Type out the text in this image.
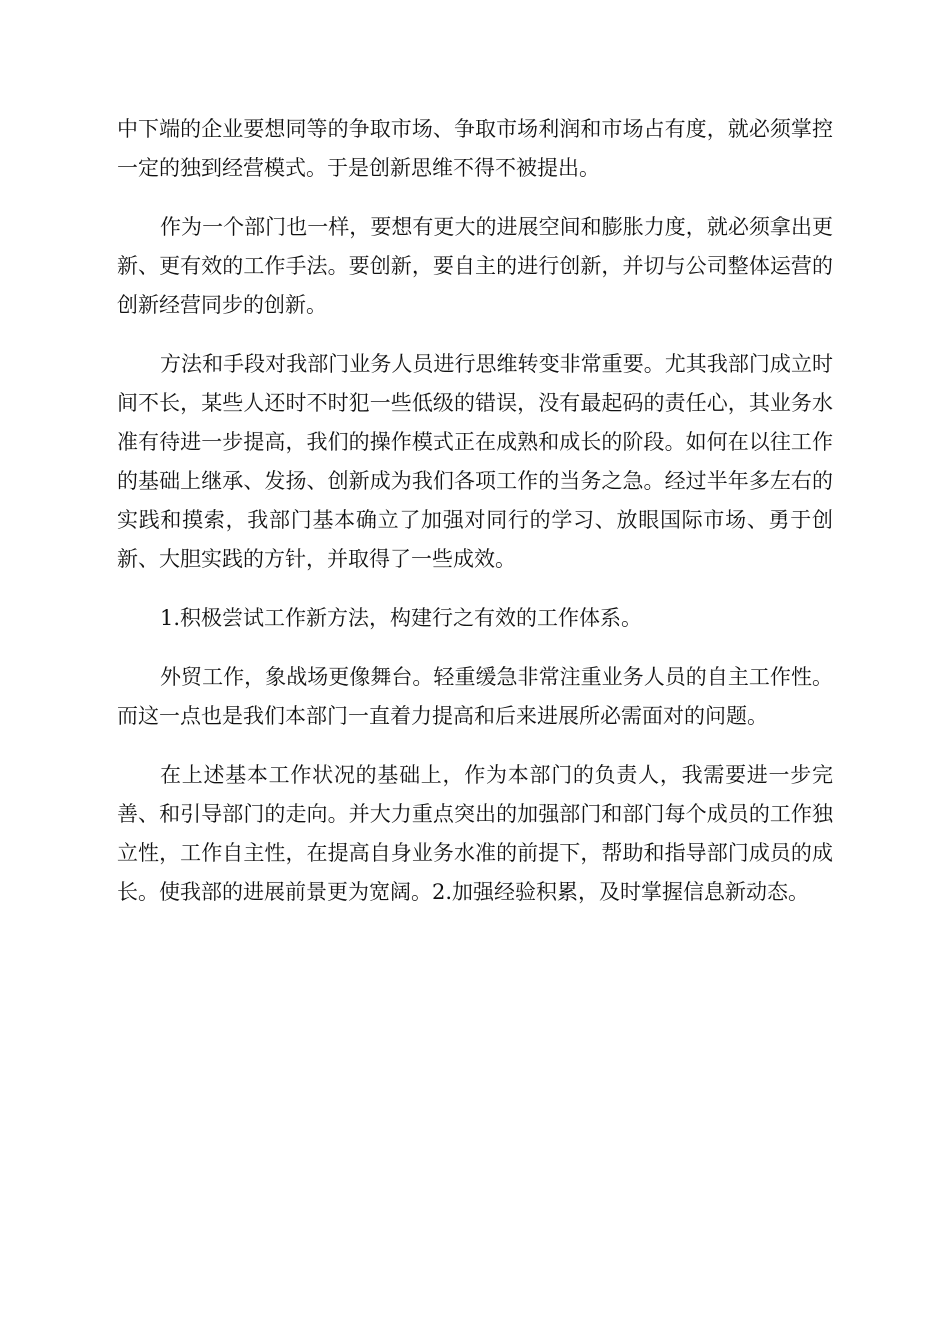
中下端的企业要想同等的争取市场、争取市场利润和市场占有度，就必须掌控一定的独到经营模式。于是创新思维不得不被提出。

作为一个部门也一样，要想有更大的进展空间和膨胀力度，就必须拿出更新、更有效的工作手法。要创新，要自主的进行创新，并切与公司整体运营的创新经营同步的创新。

方法和手段对我部门业务人员进行思维转变非常重要。尤其我部门成立时间不长，某些人还时不时犯一些低级的错误，没有最起码的责任心，其业务水准有待进一步提高，我们的操作模式正在成熟和成长的阶段。如何在以往工作的基础上继承、发扬、创新成为我们各项工作的当务之急。经过半年多左右的实践和摸索，我部门基本确立了加强对同行的学习、放眼国际市场、勇于创新、大胆实践的方针，并取得了一些成效。

1.积极尝试工作新方法，构建行之有效的工作体系。

外贸工作，象战场更像舞台。轻重缓急非常注重业务人员的自主工作性。而这一点也是我们本部门一直着力提高和后来进展所必需面对的问题。

在上述基本工作状况的基础上，作为本部门的负责人，我需要进一步完善、和引导部门的走向。并大力重点突出的加强部门和部门每个成员的工作独立性，工作自主性，在提高自身业务水准的前提下，帮助和指导部门成员的成长。使我部的进展前景更为宽阔。2.加强经验积累，及时掌握信息新动态。
